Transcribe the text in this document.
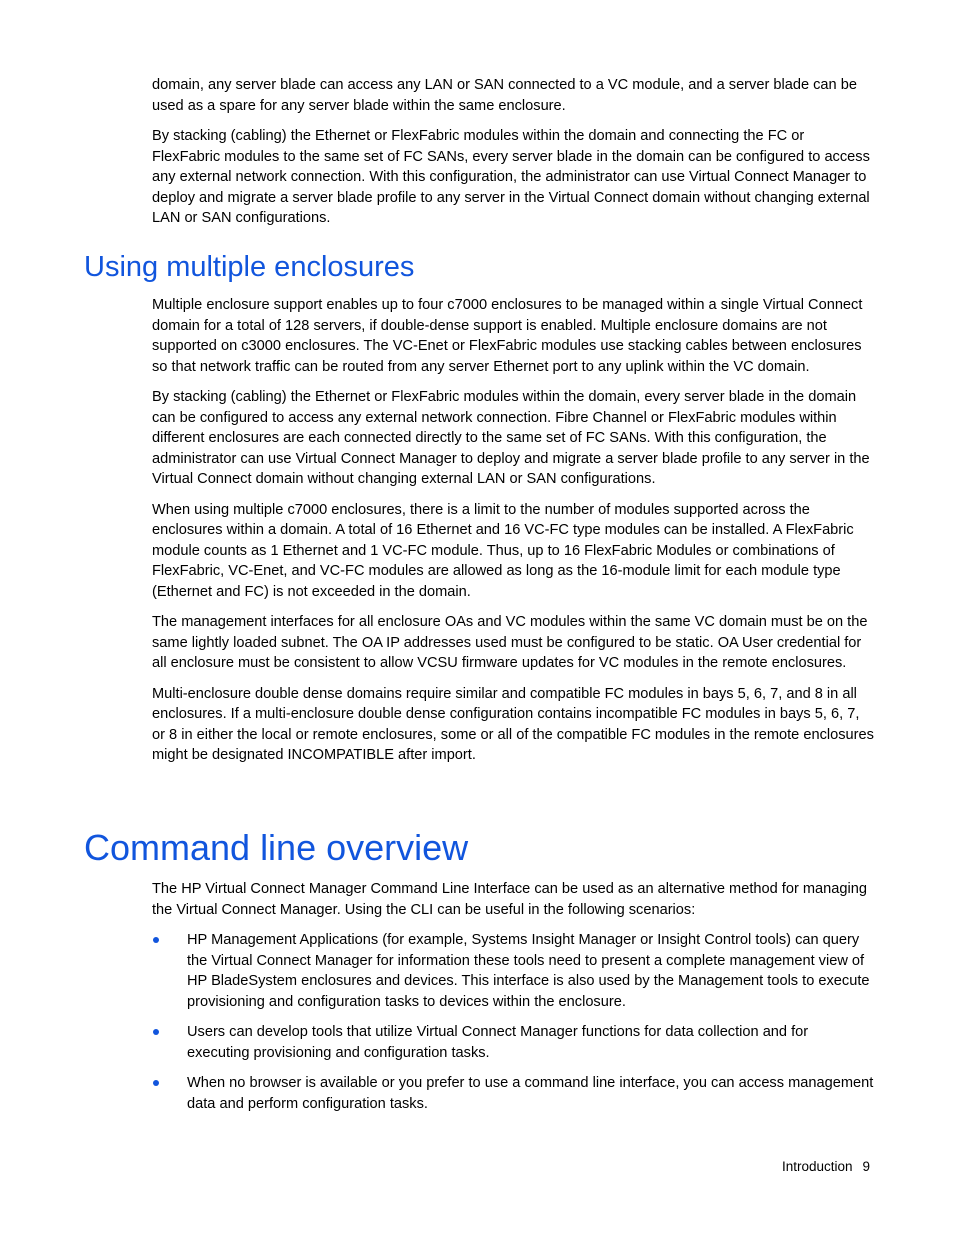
domain, any server blade can access any LAN or SAN connected to a VC module, and a server blade can be used as a spare for any server blade within the same enclosure.

By stacking (cabling) the Ethernet or FlexFabric modules within the domain and connecting the FC or FlexFabric modules to the same set of FC SANs, every server blade in the domain can be configured to access any external network connection. With this configuration, the administrator can use Virtual Connect Manager to deploy and migrate a server blade profile to any server in the Virtual Connect domain without changing external LAN or SAN configurations.

Using multiple enclosures

Multiple enclosure support enables up to four c7000 enclosures to be managed within a single Virtual Connect domain for a total of 128 servers, if double-dense support is enabled. Multiple enclosure domains are not supported on c3000 enclosures. The VC-Enet or FlexFabric modules use stacking cables between enclosures so that network traffic can be routed from any server Ethernet port to any uplink within the VC domain.

By stacking (cabling) the Ethernet or FlexFabric modules within the domain, every server blade in the domain can be configured to access any external network connection. Fibre Channel or FlexFabric modules within different enclosures are each connected directly to the same set of FC SANs. With this configuration, the administrator can use Virtual Connect Manager to deploy and migrate a server blade profile to any server in the Virtual Connect domain without changing external LAN or SAN configurations.

When using multiple c7000 enclosures, there is a limit to the number of modules supported across the enclosures within a domain. A total of 16 Ethernet and 16 VC-FC type modules can be installed. A FlexFabric module counts as 1 Ethernet and 1 VC-FC module. Thus, up to 16 FlexFabric Modules or combinations of FlexFabric, VC-Enet, and VC-FC modules are allowed as long as the 16-module limit for each module type (Ethernet and FC) is not exceeded in the domain.

The management interfaces for all enclosure OAs and VC modules within the same VC domain must be on the same lightly loaded subnet. The OA IP addresses used must be configured to be static. OA User credential for all enclosure must be consistent to allow VCSU firmware updates for VC modules in the remote enclosures.

Multi-enclosure double dense domains require similar and compatible FC modules in bays 5, 6, 7, and 8 in all enclosures. If a multi-enclosure double dense configuration contains incompatible FC modules in bays 5, 6, 7, or 8 in either the local or remote enclosures, some or all of the compatible FC modules in the remote enclosures might be designated INCOMPATIBLE after import.

Command line overview

The HP Virtual Connect Manager Command Line Interface can be used as an alternative method for managing the Virtual Connect Manager. Using the CLI can be useful in the following scenarios:

HP Management Applications (for example, Systems Insight Manager or Insight Control tools) can query the Virtual Connect Manager for information these tools need to present a complete management view of HP BladeSystem enclosures and devices. This interface is also used by the Management tools to execute provisioning and configuration tasks to devices within the enclosure.
Users can develop tools that utilize Virtual Connect Manager functions for data collection and for executing provisioning and configuration tasks.
When no browser is available or you prefer to use a command line interface, you can access management data and perform configuration tasks.
Introduction 9
